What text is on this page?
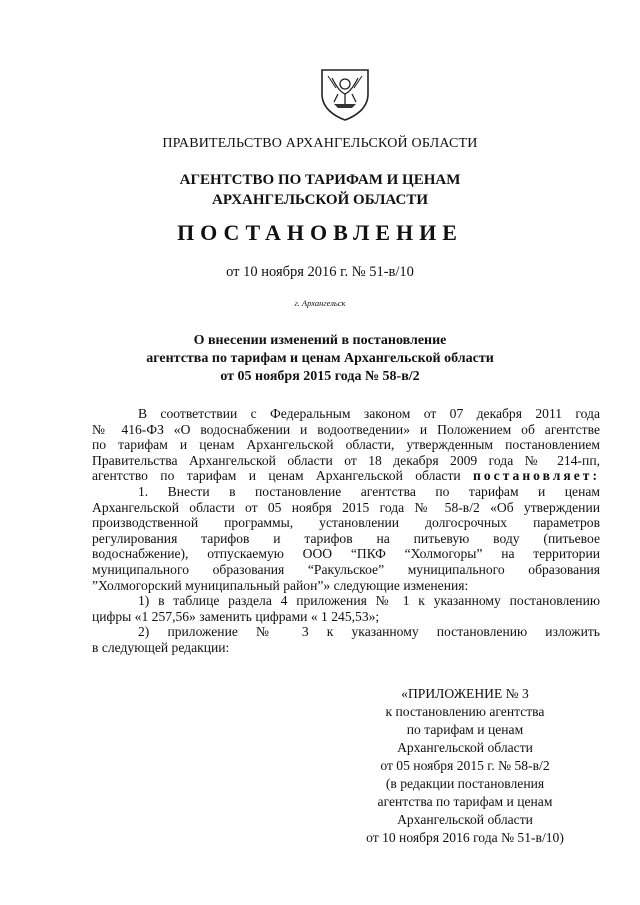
ПРАВИТЕЛЬСТВО АРХАНГЕЛЬСКОЙ ОБЛАСТИ
АГЕНТСТВО ПО ТАРИФАМ И ЦЕНАМ
АРХАНГЕЛЬСКОЙ ОБЛАСТИ
ПОСТАНОВЛЕНИЕ
от 10 ноября 2016 г. № 51-в/10
г. Архангельск
О внесении изменений в постановление
агентства по тарифам и ценам Архангельской области
от 05 ноября 2015 года № 58-в/2

В соответствии с Федеральным законом от 07 декабря 2011 года

№ 416-ФЗ «О водоснабжении и водоотведении» и Положением об агентстве

по тарифам и ценам Архангельской области, утвержденным постановлением

Правительства Архангельской области от 18 декабря 2009 года № 214-пп,

агентство по тарифам и ценам Архангельской области постановляет:

1. Внести в постановление агентства по тарифам и ценам

Архангельской области от 05 ноября 2015 года № 58-в/2 «Об утверждении

производственной программы, установлении долгосрочных параметров

регулирования тарифов и тарифов на питьевую воду (питьевое

водоснабжение), отпускаемую ООО “ПКФ “Холмогоры” на территории

муниципального образования “Ракульское” муниципального образования

”Холмогорский муниципальный район”» следующие изменения:

1) в таблице раздела 4 приложения № 1 к указанному постановлению

цифры «1 257,56» заменить цифрами « 1 245,53»;

2) приложение № 3 к указанному постановлению изложить

в следующей редакции:

«ПРИЛОЖЕНИЕ № 3
к постановлению агентства
по тарифам и ценам
Архангельской области
от 05 ноября 2015 г. № 58-в/2
(в редакции постановления
агентства по тарифам и ценам
Архангельской области
от 10 ноября 2016 года № 51-в/10)
